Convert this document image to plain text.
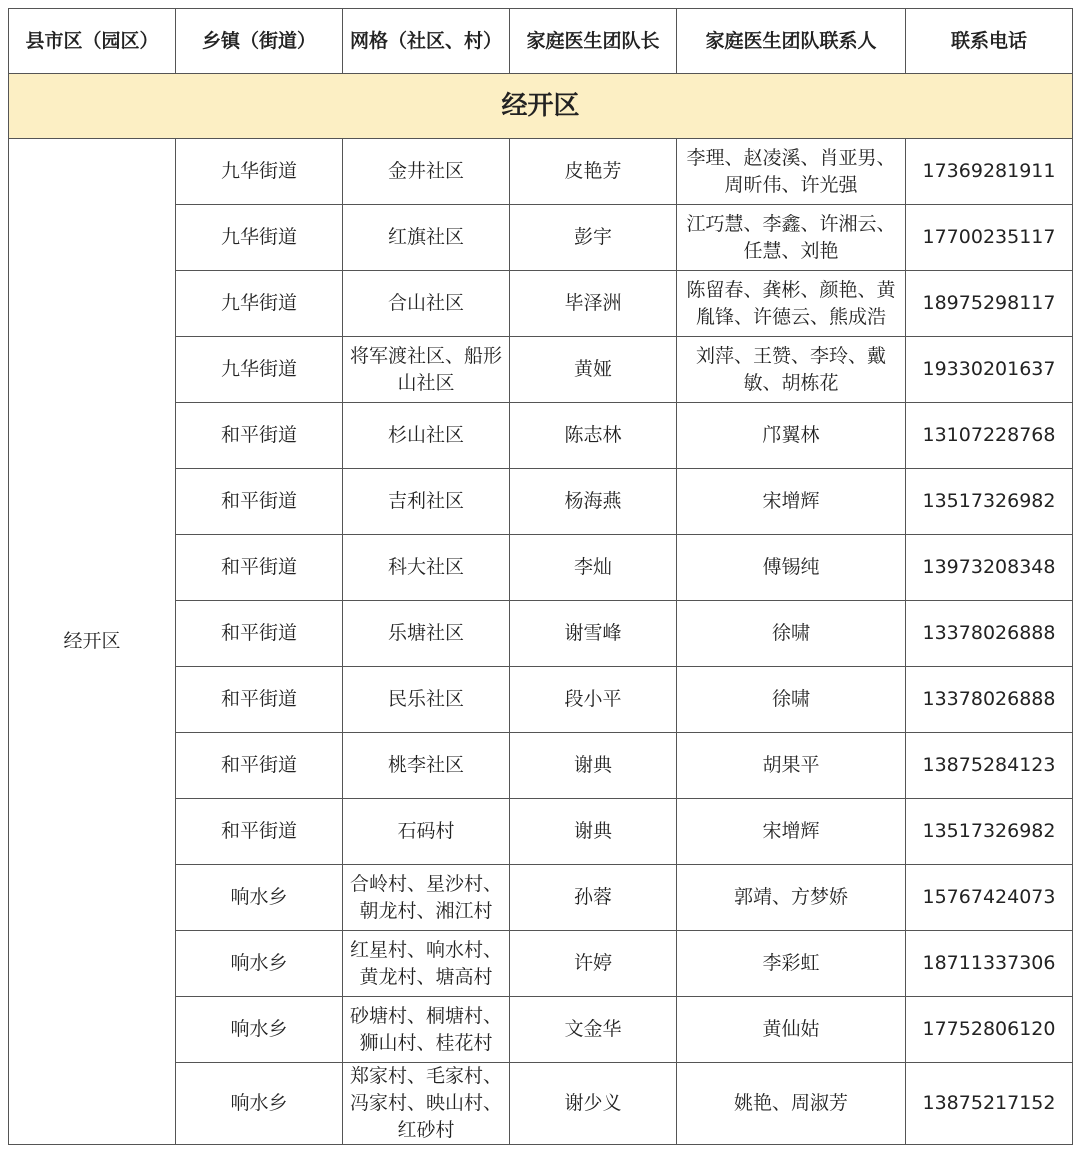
县市区（园区）	乡镇（街道）	网格（社区、村）	家庭医生团队长	家庭医生团队联系人	联系电话
经开区					
经开区	九华街道	金井社区	皮艳芳	李理、赵凌溪、肖亚男、周昕伟、许光强	17369281911
	九华街道	红旗社区	彭宇	江巧慧、李鑫、许湘云、任慧、刘艳	17700235117
	九华街道	合山社区	毕泽洲	陈留春、龚彬、颜艳、黄胤锋、许德云、熊成浩	18975298117
	九华街道	将军渡社区、船形山社区	黄娅	刘萍、王赞、李玲、戴敏、胡栋花	19330201637
	和平街道	杉山社区	陈志林	邝翼林	13107228768
	和平街道	吉利社区	杨海燕	宋增辉	13517326982
	和平街道	科大社区	李灿	傅锡纯	13973208348
	和平街道	乐塘社区	谢雪峰	徐啸	13378026888
	和平街道	民乐社区	段小平	徐啸	13378026888
	和平街道	桃李社区	谢典	胡果平	13875284123
	和平街道	石码村	谢典	宋增辉	13517326982
	响水乡	合岭村、星沙村、朝龙村、湘江村	孙蓉	郭靖、方梦娇	15767424073
	响水乡	红星村、响水村、黄龙村、塘高村	许婷	李彩虹	18711337306
	响水乡	砂塘村、桐塘村、狮山村、桂花村	文金华	黄仙姑	17752806120
	响水乡	郑家村、毛家村、冯家村、映山村、红砂村	谢少义	姚艳、周淑芳	13875217152
